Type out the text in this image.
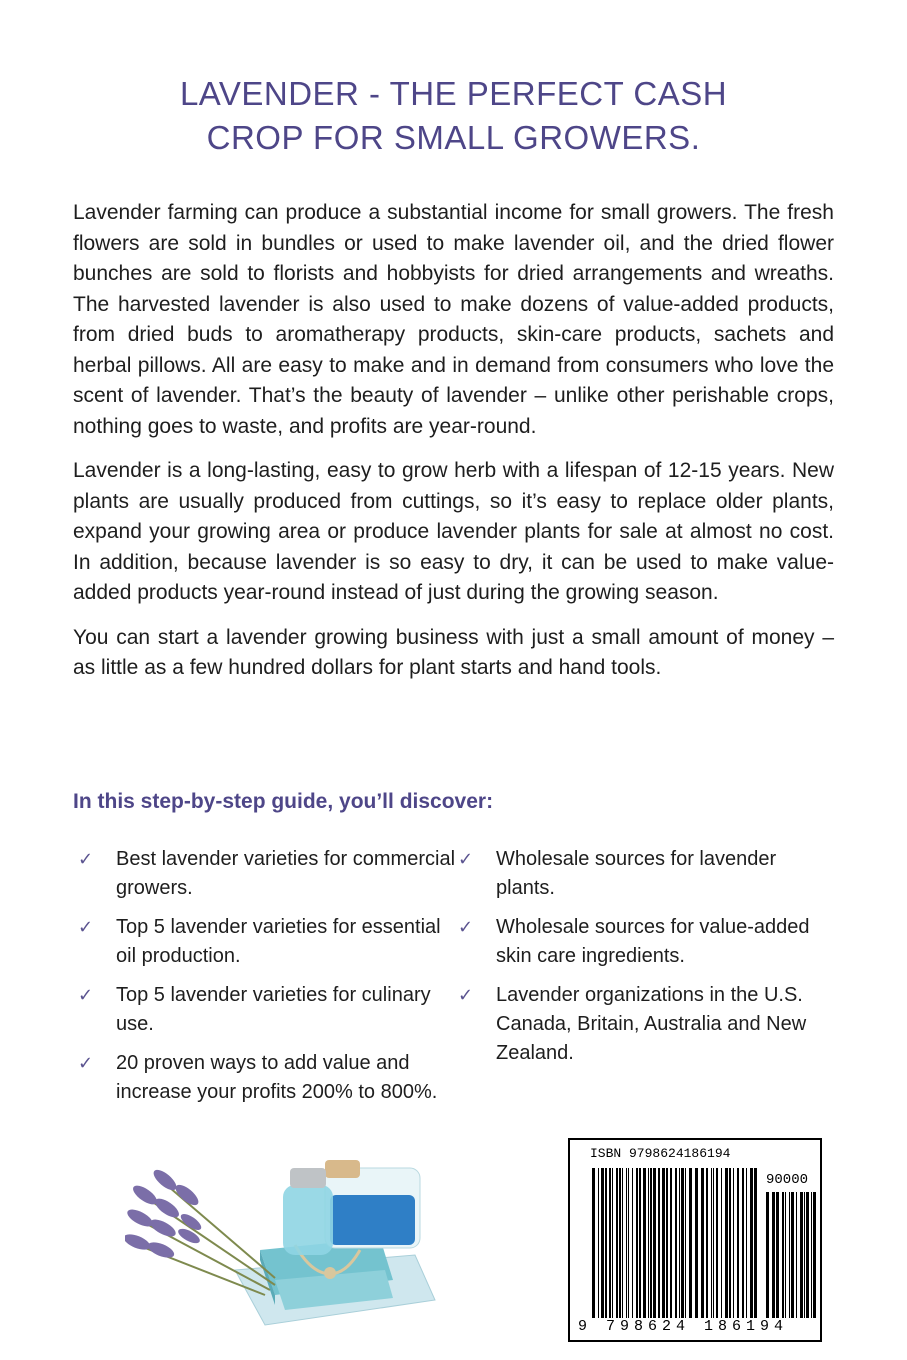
LAVENDER - THE PERFECT CASH
CROP FOR SMALL GROWERS.

Lavender farming can produce a substantial income for small growers. The fresh flowers are sold in bundles or used to make lavender oil, and the dried flower bunches are sold to florists and hobbyists for dried arrangements and wreaths. The harvested lavender is also used to make dozens of value-added products, from dried buds to aromatherapy products, skin-care products, sachets and herbal pillows. All are easy to make and in demand from consumers who love the scent of lavender. That’s the beauty of lavender – unlike other perishable crops, nothing goes to waste, and profits are year-round.

Lavender is a long-lasting, easy to grow herb with a lifespan of 12-15 years. New plants are usually produced from cuttings, so it’s easy to replace older plants, expand your growing area or produce lavender plants for sale at almost no cost. In addition, because lavender is so easy to dry, it can be used to make value-added products year-round instead of just during the growing season.

You can start a lavender growing business with just a small amount of money – as little as a few hundred dollars for plant starts and hand tools.

In this step-by-step guide, you’ll discover:
✓	Best lavender varieties for commercial growers.
✓	Top 5 lavender varieties for essential oil production.
✓	Top 5 lavender varieties for culinary use.
✓	20 proven ways to add value and increase your profits 200% to 800%.
✓	Wholesale sources for lavender plants.
✓	Wholesale sources for value-added skin care ingredients.
✓	Lavender organizations in the U.S. Canada, Britain, Australia and New Zealand.
ISBN 9798624186194
90000
9 798624 186194
